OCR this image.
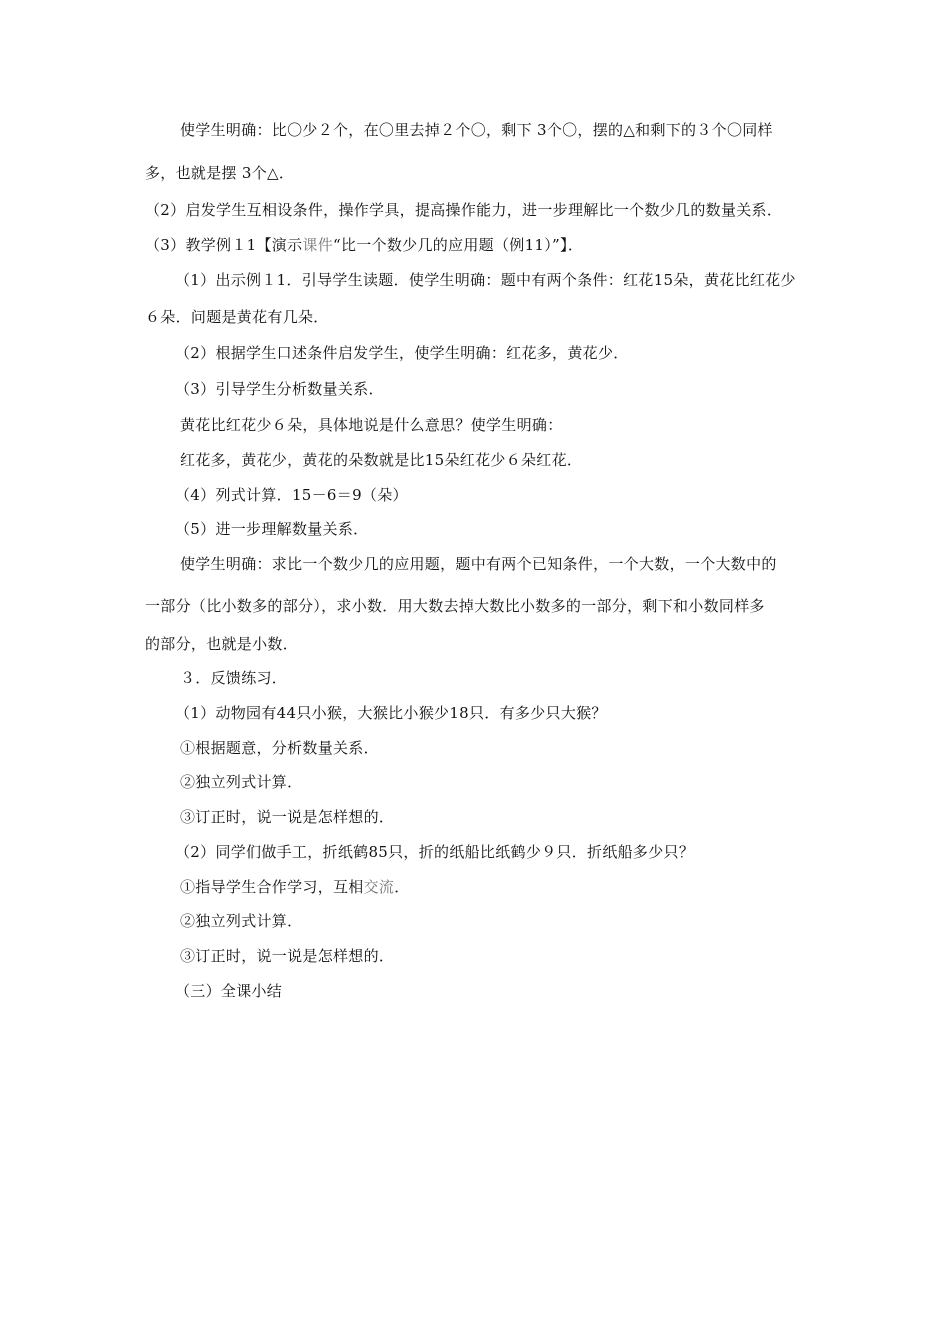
使学生明确：比〇少２个，在〇里去掉２个〇，剩下 3个〇，摆的△和剩下的３个〇同样
多，也就是摆 3个△．
（2）启发学生互相设条件，操作学具，提高操作能力，进一步理解比一个数少几的数量关系．
（3）教学例１1【演示课件“比一个数少几的应用题（例11）”】．
（1）出示例１1．引导学生读题．使学生明确：题中有两个条件：红花15朵，黄花比红花少
６朵．问题是黄花有几朵．
（2）根据学生口述条件启发学生，使学生明确：红花多，黄花少．
（3）引导学生分析数量关系．
黄花比红花少６朵，具体地说是什么意思？使学生明确：
红花多，黄花少，黄花的朵数就是比15朵红花少６朵红花．
（4）列式计算．15－6＝9（朵）
（5）进一步理解数量关系．
使学生明确：求比一个数少几的应用题，题中有两个已知条件，一个大数，一个大数中的
一部分（比小数多的部分），求小数．用大数去掉大数比小数多的一部分，剩下和小数同样多
的部分，也就是小数．
３．反馈练习．
（1）动物园有44只小猴，大猴比小猴少18只．有多少只大猴？
①根据题意，分析数量关系．
②独立列式计算．
③订正时，说一说是怎样想的．
（2）同学们做手工，折纸鹤85只，折的纸船比纸鹤少９只．折纸船多少只？
①指导学生合作学习，互相交流．
②独立列式计算．
③订正时，说一说是怎样想的．
（三）全课小结
